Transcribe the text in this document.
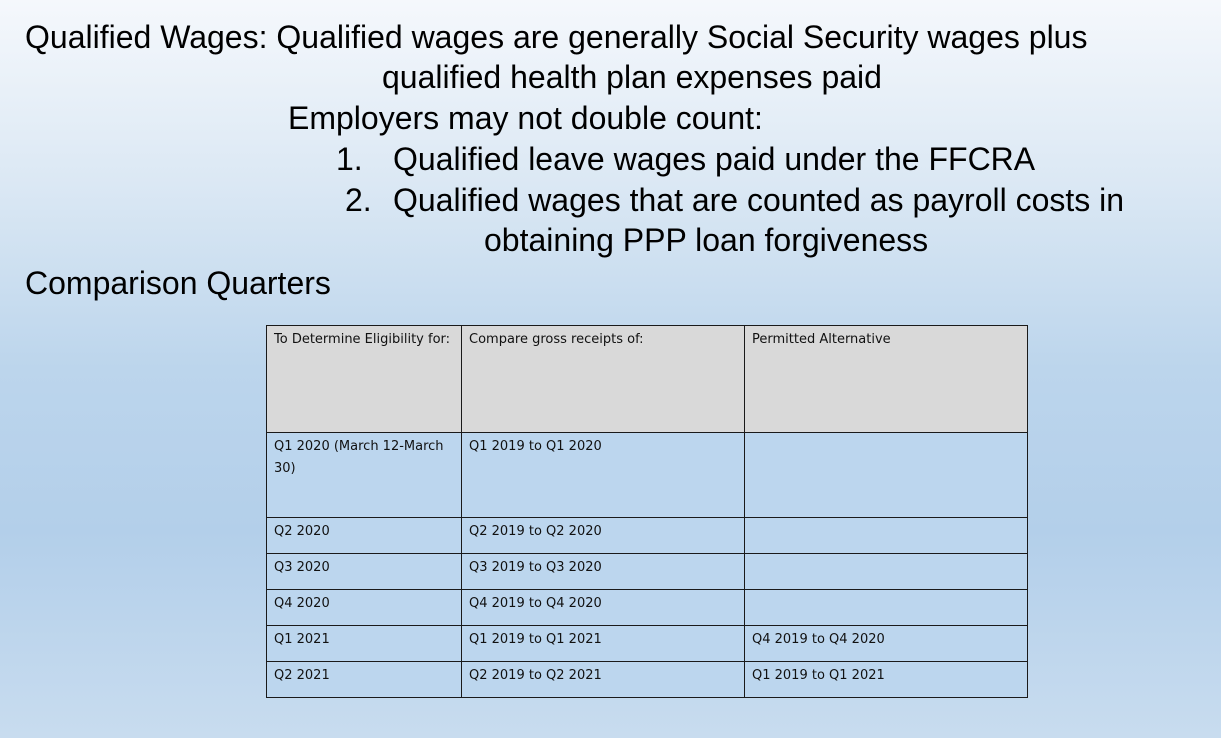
Qualified Wages: Qualified wages are generally Social Security wages plus
qualified health plan expenses paid
Employers may not double count:
1. Qualified leave wages paid under the FFCRA
2. Qualified wages that are counted as payroll costs in
obtaining PPP loan forgiveness
Comparison Quarters
To Determine Eligibility for:	Compare gross receipts of:	Permitted Alternative
Q1 2020 (March 12-March 30)	Q1 2019 to Q1 2020	
Q2 2020	Q2 2019 to Q2 2020	
Q3 2020	Q3 2019 to Q3 2020	
Q4 2020	Q4 2019 to Q4 2020	
Q1 2021	Q1 2019 to Q1 2021	Q4 2019 to Q4 2020
Q2 2021	Q2 2019 to Q2 2021	Q1 2019 to Q1 2021
